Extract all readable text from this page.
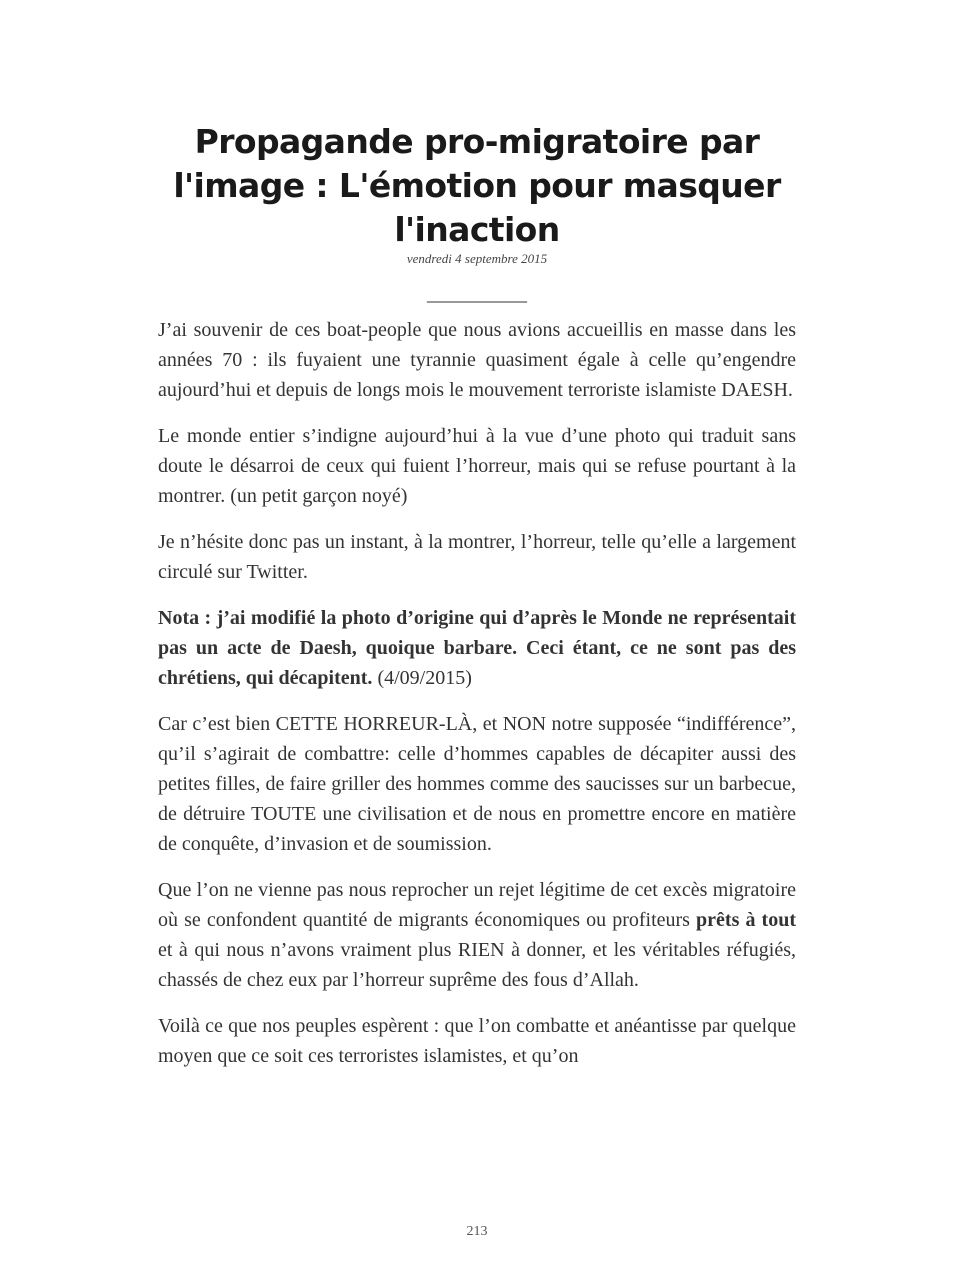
Propagande pro-migratoire par l'image : L'émotion pour masquer l'inaction
vendredi 4 septembre 2015
__________

J’ai souvenir de ces boat-people que nous avions accueillis en masse dans les années 70 : ils fuyaient une tyrannie quasiment égale à celle qu’engendre aujourd’hui et depuis de longs mois le mouvement terroriste islamiste DAESH.

Le monde entier s’indigne aujourd’hui à la vue d’une photo qui traduit sans doute le désarroi de ceux qui fuient l’horreur, mais qui se refuse pourtant à la montrer. (un petit garçon noyé)

Je n’hésite donc pas un instant, à la montrer, l’horreur, telle qu’elle a largement circulé sur Twitter.

Nota : j’ai modifié la photo d’origine qui d’après le Monde ne représentait pas un acte de Daesh, quoique barbare. Ceci étant, ce ne sont pas des chrétiens, qui décapitent. (4/09/2015)

Car c’est bien CETTE HORREUR-LÀ, et NON notre supposée “indifférence”, qu’il s’agirait de combattre: celle d’hommes capables de décapiter aussi des petites filles, de faire griller des hommes comme des saucisses sur un barbecue, de détruire TOUTE une civilisation et de nous en promettre encore en matière de conquête, d’invasion et de soumission.

Que l’on ne vienne pas nous reprocher un rejet légitime de cet excès migratoire où se confondent quantité de migrants économiques ou profiteurs prêts à tout et à qui nous n’avons vraiment plus RIEN à donner, et les véritables réfugiés, chassés de chez eux par l’horreur suprême des fous d’Allah.

Voilà ce que nos peuples espèrent : que l’on combatte et anéantisse par quelque moyen que ce soit ces terroristes islamistes, et qu’on

213
